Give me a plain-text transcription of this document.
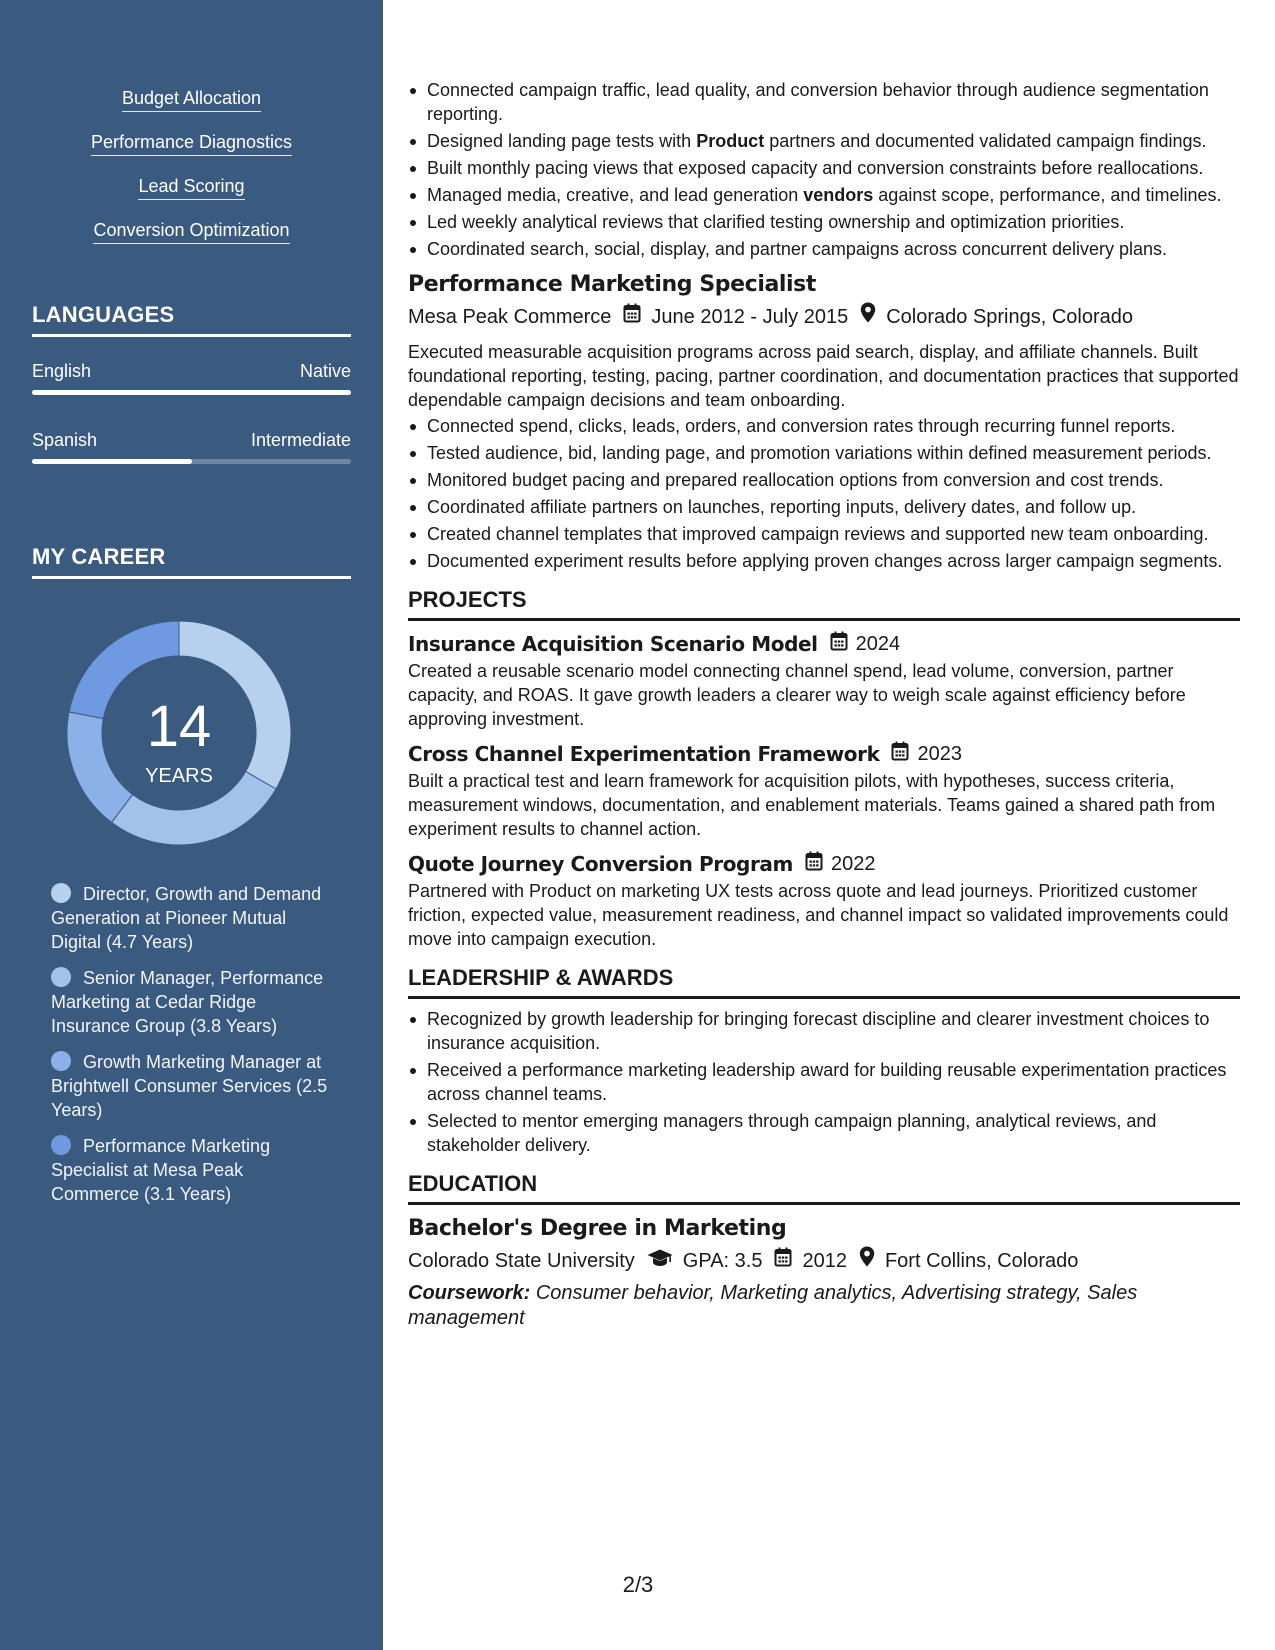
Budget Allocation
Performance Diagnostics
Lead Scoring
Conversion Optimization
LANGUAGES
English	Native
Spanish	Intermediate
MY CAREER
14
YEARS
Director, Growth and Demand Generation at Pioneer Mutual Digital (4.7 Years)
Senior Manager, Performance Marketing at Cedar Ridge Insurance Group (3.8 Years)
Growth Marketing Manager at Brightwell Consumer Services (2.5 Years)
Performance Marketing Specialist at Mesa Peak Commerce (3.1 Years)
Connected campaign traffic, lead quality, and conversion behavior through audience segmentation reporting.
Designed landing page tests with Product partners and documented validated campaign findings.
Built monthly pacing views that exposed capacity and conversion constraints before reallocations.
Managed media, creative, and lead generation vendors against scope, performance, and timelines.
Led weekly analytical reviews that clarified testing ownership and optimization priorities.
Coordinated search, social, display, and partner campaigns across concurrent delivery plans.
Performance Marketing Specialist
Mesa Peak Commerce June 2012 - July 2015 Colorado Springs, Colorado
Executed measurable acquisition programs across paid search, display, and affiliate channels. Built foundational reporting, testing, pacing, partner coordination, and documentation practices that supported dependable campaign decisions and team onboarding.
Connected spend, clicks, leads, orders, and conversion rates through recurring funnel reports.
Tested audience, bid, landing page, and promotion variations within defined measurement periods.
Monitored budget pacing and prepared reallocation options from conversion and cost trends.
Coordinated affiliate partners on launches, reporting inputs, delivery dates, and follow up.
Created channel templates that improved campaign reviews and supported new team onboarding.
Documented experiment results before applying proven changes across larger campaign segments.
PROJECTS
Insurance Acquisition Scenario Model 2024
Created a reusable scenario model connecting channel spend, lead volume, conversion, partner capacity, and ROAS. It gave growth leaders a clearer way to weigh scale against efficiency before approving investment.
Cross Channel Experimentation Framework 2023
Built a practical test and learn framework for acquisition pilots, with hypotheses, success criteria, measurement windows, documentation, and enablement materials. Teams gained a shared path from experiment results to channel action.
Quote Journey Conversion Program 2022
Partnered with Product on marketing UX tests across quote and lead journeys. Prioritized customer friction, expected value, measurement readiness, and channel impact so validated improvements could move into campaign execution.
LEADERSHIP & AWARDS
Recognized by growth leadership for bringing forecast discipline and clearer investment choices to insurance acquisition.
Received a performance marketing leadership award for building reusable experimentation practices across channel teams.
Selected to mentor emerging managers through campaign planning, analytical reviews, and stakeholder delivery.
EDUCATION
Bachelor's Degree in Marketing
Colorado State University GPA: 3.5 2012 Fort Collins, Colorado
Coursework: Consumer behavior, Marketing analytics, Advertising strategy, Sales management
2/3
